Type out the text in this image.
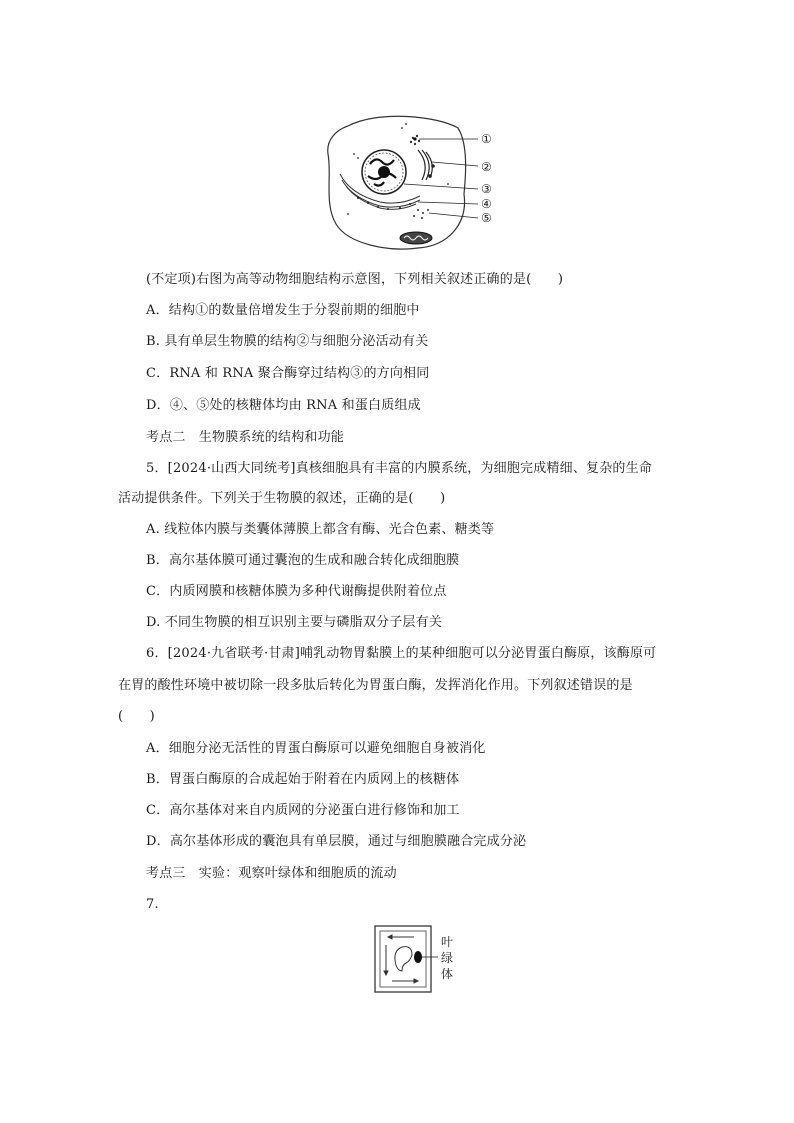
①
②
③
④
⑤
(不定项)右图为高等动物细胞结构示意图，下列相关叙述正确的是(　　)
A．结构①的数量倍增发生于分裂前期的细胞中
B. 具有单层生物膜的结构②与细胞分泌活动有关
C．RNA 和 RNA 聚合酶穿过结构③的方向相同
D．④、⑤处的核糖体均由 RNA 和蛋白质组成
考点二　生物膜系统的结构和功能
5．[2024·山西大同统考]真核细胞具有丰富的内膜系统，为细胞完成精细、复杂的生命
活动提供条件。下列关于生物膜的叙述，正确的是(　　)
A. 线粒体内膜与类囊体薄膜上都含有酶、光合色素、糖类等
B．高尔基体膜可通过囊泡的生成和融合转化成细胞膜
C．内质网膜和核糖体膜为多种代谢酶提供附着位点
D. 不同生物膜的相互识别主要与磷脂双分子层有关
6．[2024·九省联考·甘肃]哺乳动物胃黏膜上的某种细胞可以分泌胃蛋白酶原，该酶原可
在胃的酸性环境中被切除一段多肽后转化为胃蛋白酶，发挥消化作用。下列叙述错误的是
(　　)
A．细胞分泌无活性的胃蛋白酶原可以避免细胞自身被消化
B．胃蛋白酶原的合成起始于附着在内质网上的核糖体
C．高尔基体对来自内质网的分泌蛋白进行修饰和加工
D．高尔基体形成的囊泡具有单层膜，通过与细胞膜融合完成分泌
考点三　实验：观察叶绿体和细胞质的流动
7.
叶
绿
体
